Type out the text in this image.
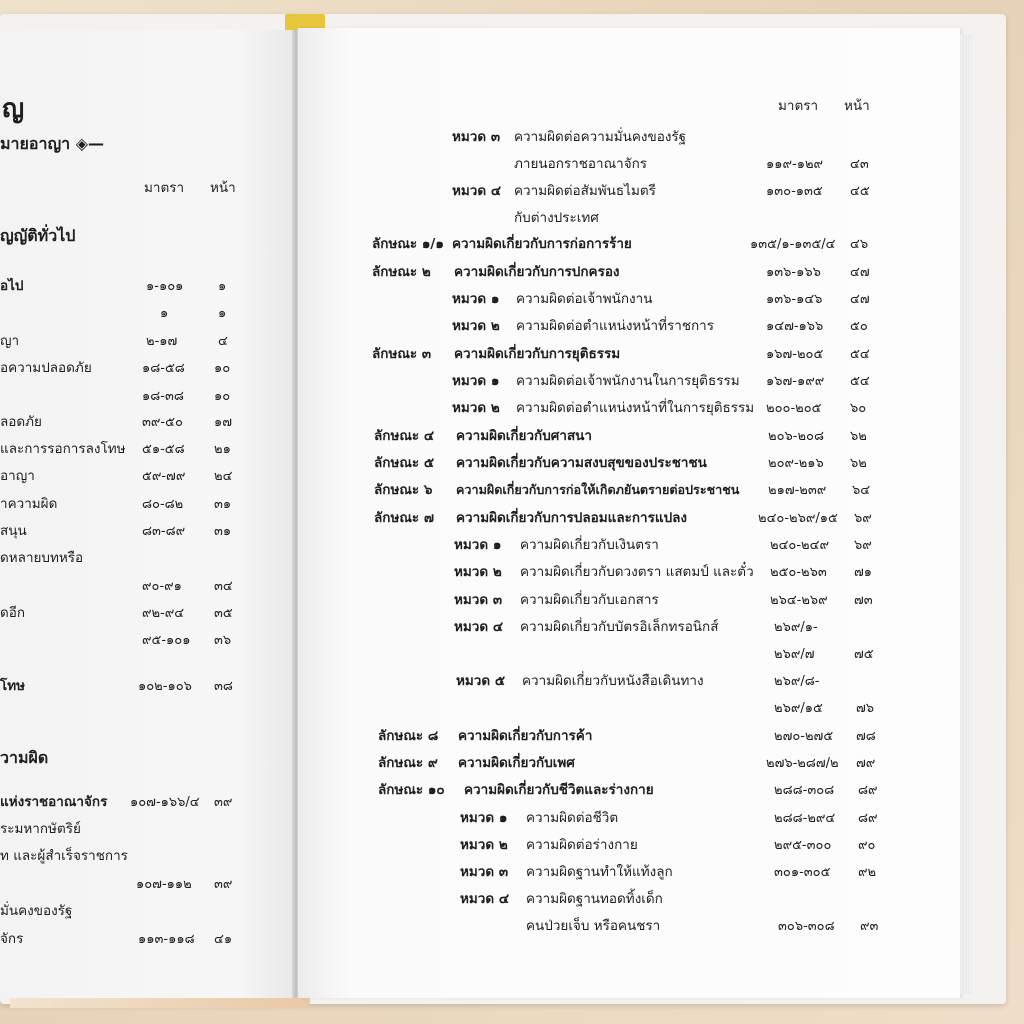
ญ
มายอาญา ◈—
มาตรา หน้า
ญญัติทั่วไป
อไป	๑-๑๐๑	๑
๑	๑
ญา	๒-๑๗	๔
อความปลอดภัย	๑๘-๕๘ ๑๐
๑๘-๓๘ ๑๐
ลอดภัย	๓๙-๕๐ ๑๗
และการรอการลงโทษ ๕๑-๕๘ ๒๑
อาญา	๕๙-๗๙ ๒๔
ำความผิด	๘๐-๘๒ ๓๑
สนุน	๘๓-๘๙ ๓๑
ดหลายบทหรือ
๙๐-๙๑ ๓๔
ดอีก	๙๒-๙๔ ๓๕
๙๕-๑๐๑ ๓๖
ุโทษ	๑๐๒-๑๐๖ ๓๘
วามผิด
แห่งราชอาณาจักร ๑๐๗-๑๖๖/๔ ๓๙
ระมหากษัตริย์
ท และผู้สำเร็จราชการ
๑๐๗-๑๑๒ ๓๙
มั่นคงของรัฐ
จักร	๑๑๓-๑๑๘ ๔๑
มาตรา หน้า
หมวด ๓ ความผิดต่อความมั่นคงของรัฐ
ภายนอกราชอาณาจักร	๑๑๙-๑๒๙ ๔๓
หมวด ๔ ความผิดต่อสัมพันธไมตรี	๑๓๐-๑๓๕ ๔๕
กับต่างประเทศ
ลักษณะ ๑/๑ ความผิดเกี่ยวกับการก่อการร้าย	๑๓๕/๑-๑๓๕/๔ ๔๖
ลักษณะ ๒ ความผิดเกี่ยวกับการปกครอง	๑๓๖-๑๖๖ ๔๗
หมวด ๑ ความผิดต่อเจ้าพนักงาน	๑๓๖-๑๔๖ ๔๗
หมวด ๒ ความผิดต่อตำแหน่งหน้าที่ราชการ	๑๔๗-๑๖๖ ๕๐
ลักษณะ ๓ ความผิดเกี่ยวกับการยุติธรรม	๑๖๗-๒๐๕ ๕๔
หมวด ๑ ความผิดต่อเจ้าพนักงานในการยุติธรรม ๑๖๗-๑๙๙ ๕๔
หมวด ๒ ความผิดต่อตำแหน่งหน้าที่ในการยุติธรรม ๒๐๐-๒๐๕ ๖๐
ลักษณะ ๔ ความผิดเกี่ยวกับศาสนา	๒๐๖-๒๐๘ ๖๒
ลักษณะ ๕ ความผิดเกี่ยวกับความสงบสุขของประชาชน	๒๐๙-๒๑๖ ๖๒
ลักษณะ ๖ ความผิดเกี่ยวกับการก่อให้เกิดภยันตรายต่อประชาชน ๒๑๗-๒๓๙ ๖๔
ลักษณะ ๗ ความผิดเกี่ยวกับการปลอมและการแปลง	๒๔๐-๒๖๙/๑๕ ๖๙
หมวด ๑ ความผิดเกี่ยวกับเงินตรา	๒๔๐-๒๔๙ ๖๙
หมวด ๒ ความผิดเกี่ยวกับดวงตรา แสตมป์ และตั๋ว ๒๕๐-๒๖๓ ๗๑
หมวด ๓ ความผิดเกี่ยวกับเอกสาร	๒๖๔-๒๖๙ ๗๓
หมวด ๔ ความผิดเกี่ยวกับบัตรอิเล็กทรอนิกส์	๒๖๙/๑-
๒๖๙/๗	๗๕
หมวด ๕ ความผิดเกี่ยวกับหนังสือเดินทาง	๒๖๙/๘-
๒๖๙/๑๕	๗๖
ลักษณะ ๘ ความผิดเกี่ยวกับการค้า	๒๗๐-๒๗๕ ๗๘
ลักษณะ ๙ ความผิดเกี่ยวกับเพศ	๒๗๖-๒๘๗/๒ ๗๙
ลักษณะ ๑๐ ความผิดเกี่ยวกับชีวิตและร่างกาย	๒๘๘-๓๐๘ ๘๙
หมวด ๑ ความผิดต่อชีวิต	๒๘๘-๒๙๔ ๘๙
หมวด ๒ ความผิดต่อร่างกาย	๒๙๕-๓๐๐ ๙๐
หมวด ๓ ความผิดฐานทำให้แท้งลูก	๓๐๑-๓๐๕ ๙๒
หมวด ๔ ความผิดฐานทอดทิ้งเด็ก
คนป่วยเจ็บ หรือคนชรา	๓๐๖-๓๐๘ ๙๓
